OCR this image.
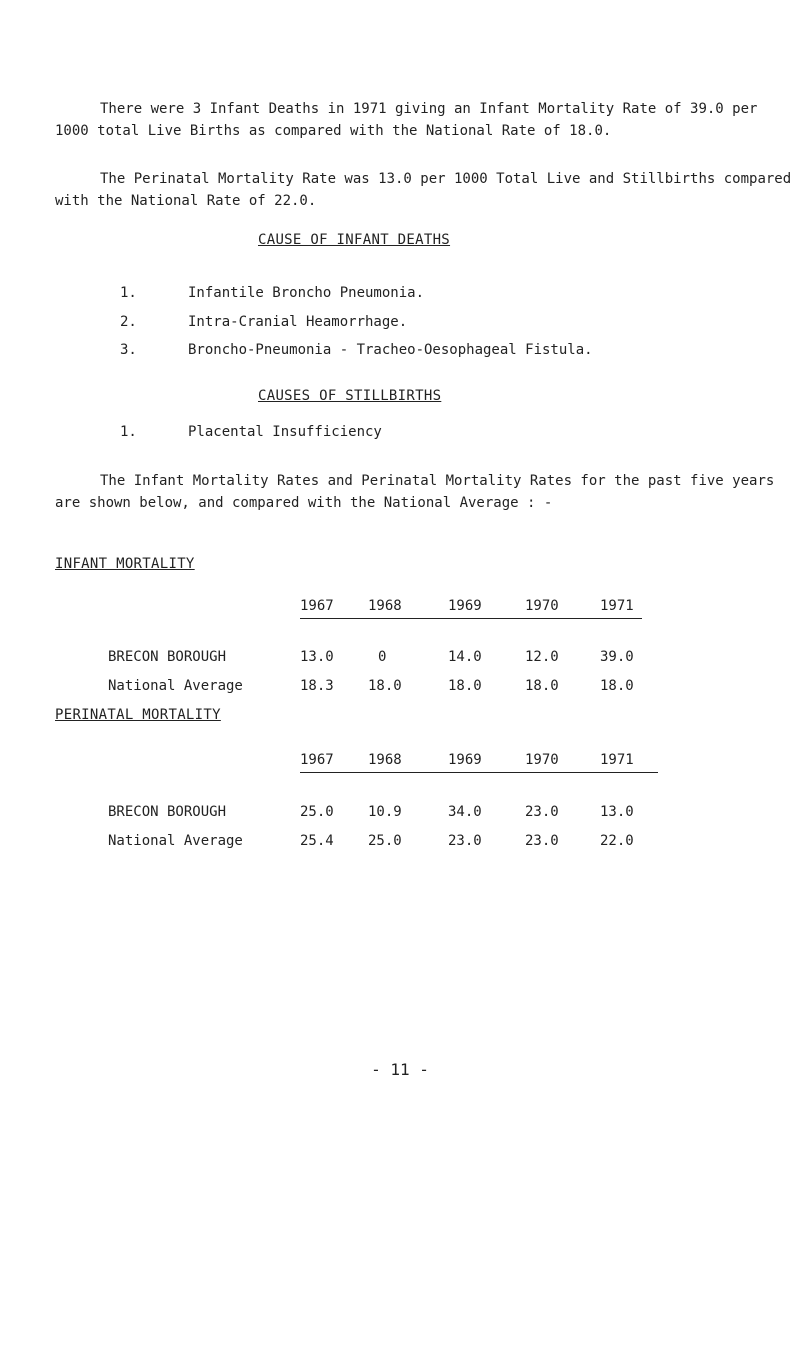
There were 3 Infant Deaths in 1971 giving an Infant Mortality Rate of 39.0 per 1000 total Live Births as compared with the National Rate of 18.0.
The Perinatal Mortality Rate was 13.0 per 1000 Total Live and Stillbirths compared with the National Rate of 22.0.
CAUSE OF INFANT DEATHS
1.	Infantile Broncho Pneumonia.
2.	Intra-Cranial Heamorrhage.
3.	Broncho-Pneumonia - Tracheo-Oesophageal Fistula.
CAUSES OF STILLBIRTHS
1.	Placental Insufficiency
The Infant Mortality Rates and Perinatal Mortality Rates for the past five years are shown below, and compared with the National Average : -
INFANT MORTALITY
1967 1968	1969	1970	1971
BRECON BOROUGH	13.0	0	14.0	12.0	39.0
National Average	18.3 18.0	18.0	18.0	18.0
PERINATAL MORTALITY
1967 1968	1969	1970	1971
BRECON BOROUGH	25.0 10.9	34.0	23.0	13.0
National Average	25.4 25.0	23.0	23.0	22.0
- 11 -
